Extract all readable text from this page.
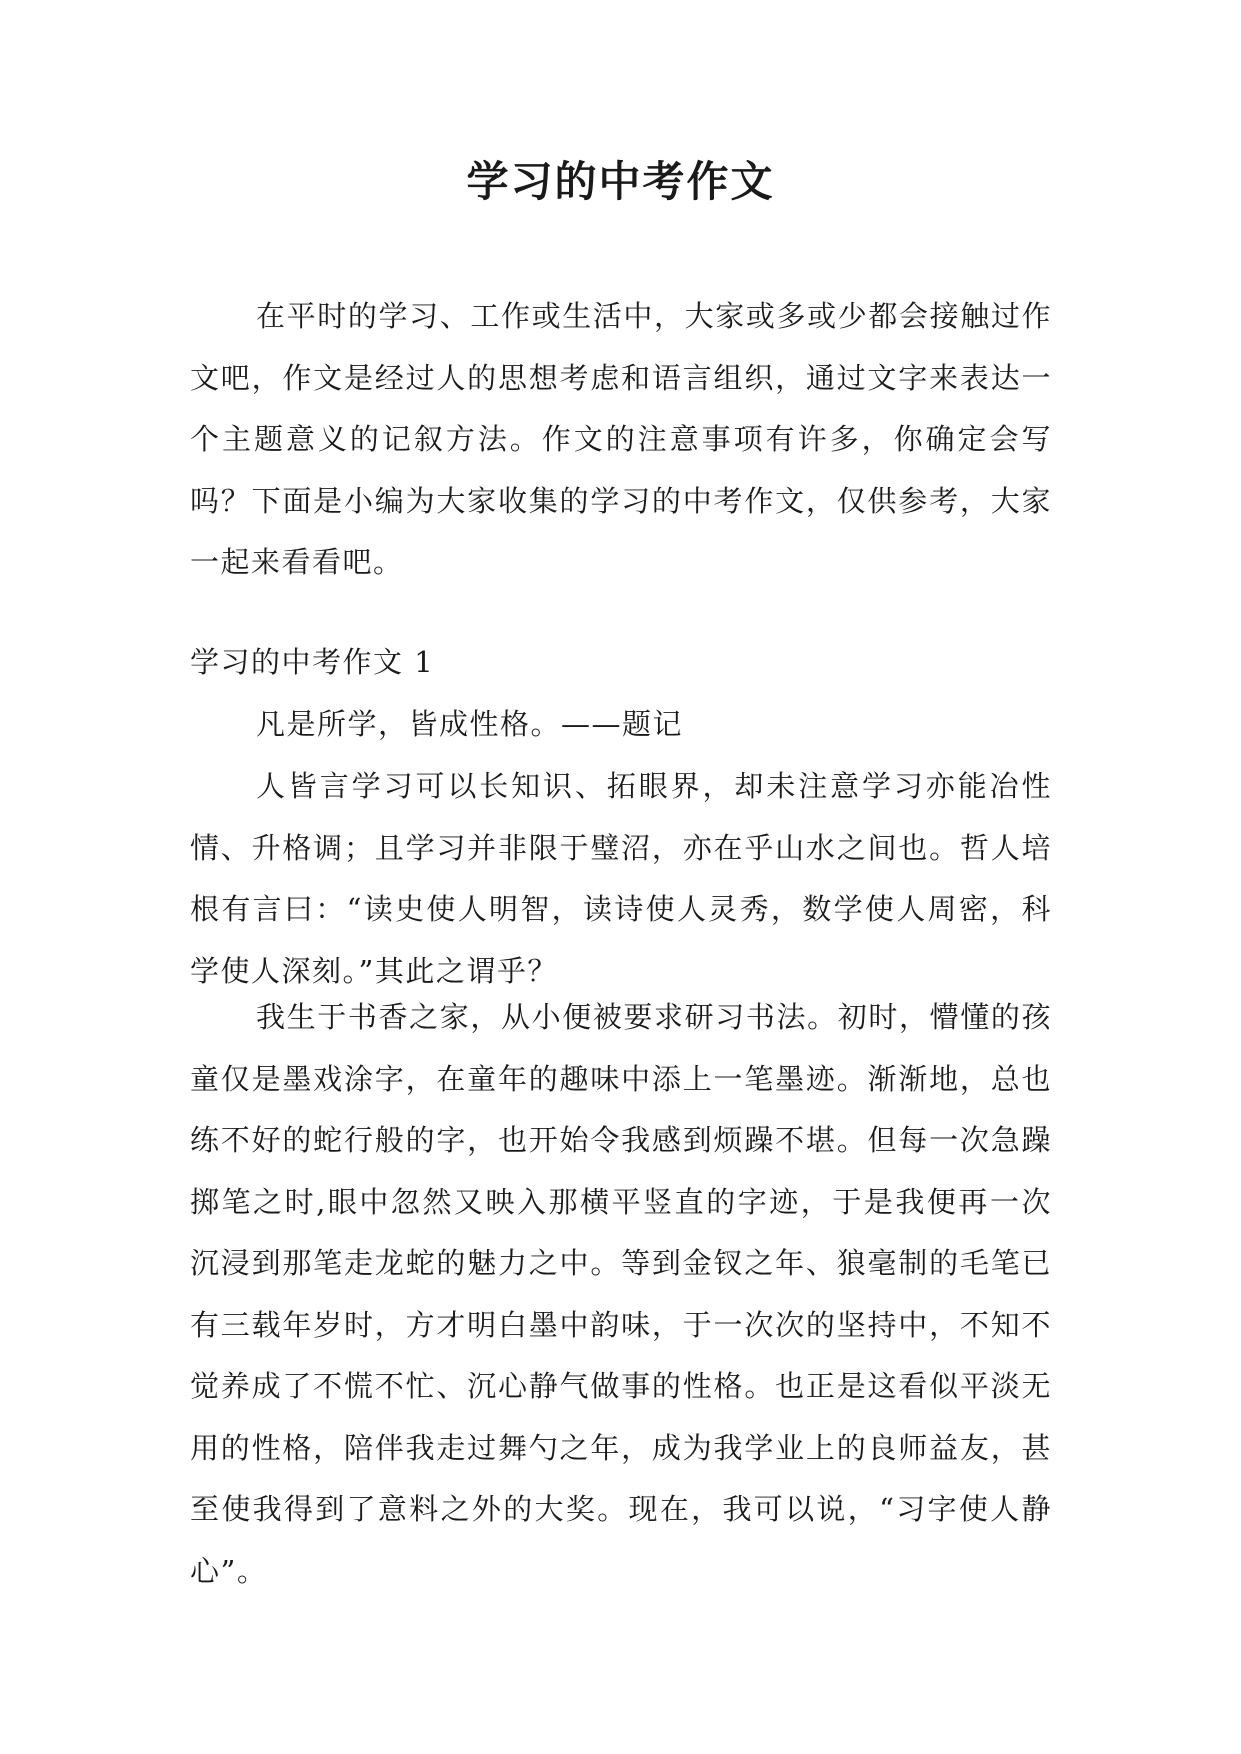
学习的中考作文

在平时的学习、工作或生活中，大家或多或少都会接触过作文吧，作文是经过人的思想考虑和语言组织，通过文字来表达一个主题意义的记叙方法。作文的注意事项有许多，你确定会写吗？下面是小编为大家收集的学习的中考作文，仅供参考，大家一起来看看吧。

学习的中考作文 1

凡是所学，皆成性格。——题记

人皆言学习可以长知识、拓眼界，却未注意学习亦能冶性情、升格调；且学习并非限于璧沼，亦在乎山水之间也。哲人培根有言曰：“读史使人明智，读诗使人灵秀，数学使人周密，科学使人深刻。”其此之谓乎？

我生于书香之家，从小便被要求研习书法。初时，懵懂的孩童仅是墨戏涂字，在童年的趣味中添上一笔墨迹。渐渐地，总也练不好的蛇行般的字，也开始令我感到烦躁不堪。但每一次急躁掷笔之时,眼中忽然又映入那横平竖直的字迹，于是我便再一次沉浸到那笔走龙蛇的魅力之中。等到金钗之年、狼毫制的毛笔已有三载年岁时，方才明白墨中韵味，于一次次的坚持中，不知不觉养成了不慌不忙、沉心静气做事的性格。也正是这看似平淡无用的性格，陪伴我走过舞勺之年，成为我学业上的良师益友，甚至使我得到了意料之外的大奖。现在，我可以说，“习字使人静心”。
